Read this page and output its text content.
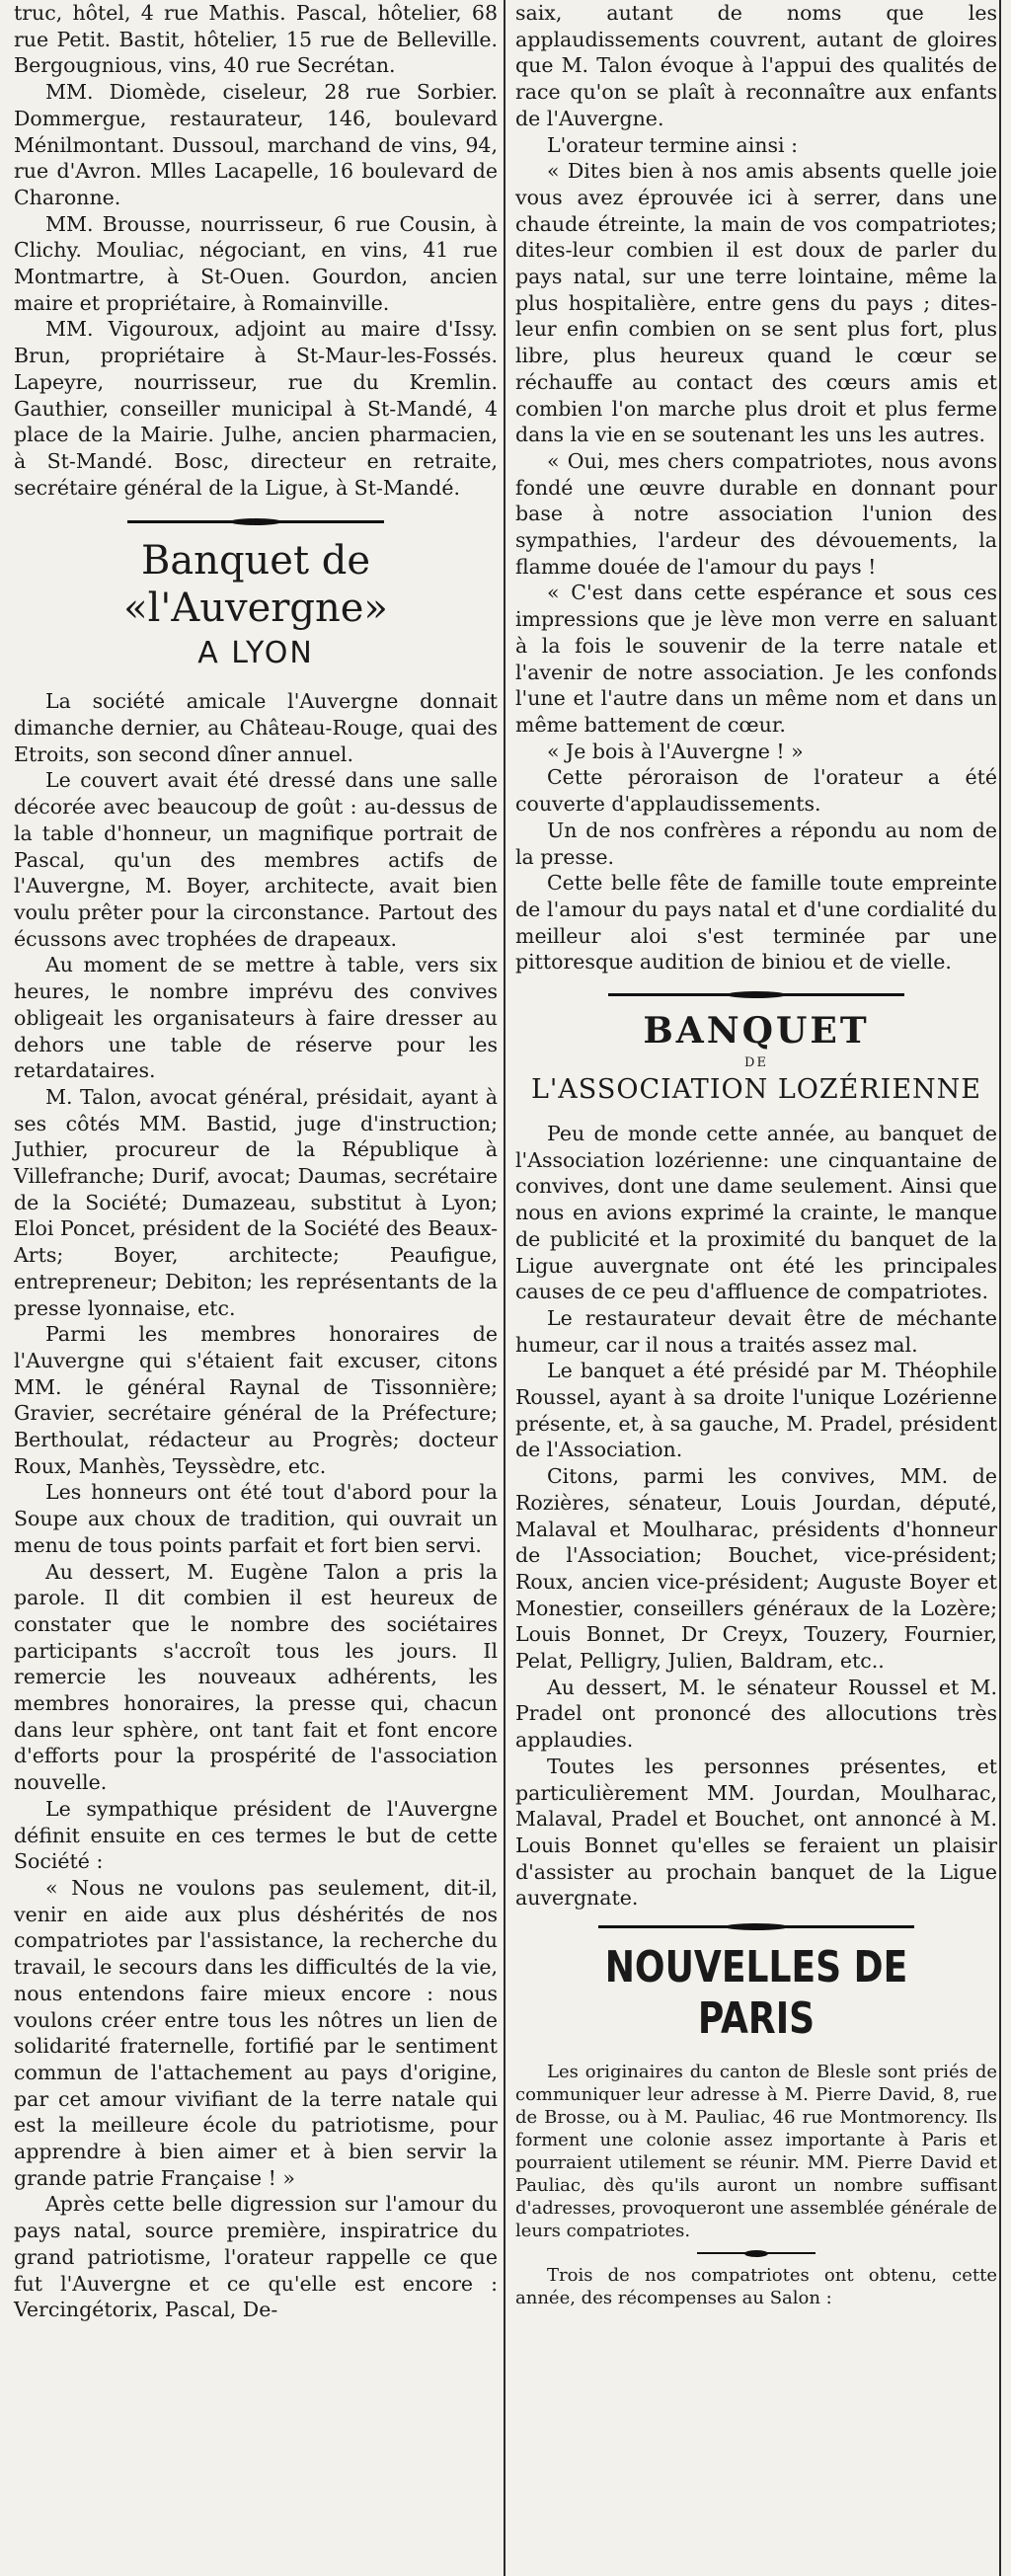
truc, hôtel, 4 rue Mathis. Pascal, hôtelier, 68 rue Petit. Bastit, hôtelier, 15 rue de Belleville. Bergougnious, vins, 40 rue Secrétan.

MM. Diomède, ciseleur, 28 rue Sorbier. Dommergue, restaurateur, 146, boulevard Ménilmontant. Dussoul, marchand de vins, 94, rue d'Avron. Mlles Lacapelle, 16 boulevard de Charonne.

MM. Brousse, nourrisseur, 6 rue Cousin, à Clichy. Mouliac, négociant, en vins, 41 rue Montmartre, à St-Ouen. Gourdon, ancien maire et propriétaire, à Romainville.

MM. Vigouroux, adjoint au maire d'Issy. Brun, propriétaire à St-Maur-les-Fossés. Lapeyre, nourrisseur, rue du Kremlin. Gauthier, conseiller municipal à St-Mandé, 4 place de la Mairie. Julhe, ancien pharmacien, à St-Mandé. Bosc, directeur en retraite, secrétaire général de la Ligue, à St-Mandé.

Banquet de «l'Auvergne»
A LYON

La société amicale l'Auvergne donnait dimanche dernier, au Château-Rouge, quai des Etroits, son second dîner annuel.

Le couvert avait été dressé dans une salle décorée avec beaucoup de goût : au-dessus de la table d'honneur, un magnifique portrait de Pascal, qu'un des membres actifs de l'Auvergne, M. Boyer, architecte, avait bien voulu prêter pour la circonstance. Partout des écussons avec trophées de drapeaux.

Au moment de se mettre à table, vers six heures, le nombre imprévu des convives obligeait les organisateurs à faire dresser au dehors une table de réserve pour les retardataires.

M. Talon, avocat général, présidait, ayant à ses côtés MM. Bastid, juge d'instruction; Juthier, procureur de la République à Villefranche; Durif, avocat; Daumas, secrétaire de la Société; Dumazeau, substitut à Lyon; Eloi Poncet, président de la Société des Beaux-Arts; Boyer, architecte; Peaufigue, entrepreneur; Debiton; les représentants de la presse lyonnaise, etc.

Parmi les membres honoraires de l'Auvergne qui s'étaient fait excuser, citons MM. le général Raynal de Tissonnière; Gravier, secrétaire général de la Préfecture; Berthoulat, rédacteur au Progrès; docteur Roux, Manhès, Teyssèdre, etc.

Les honneurs ont été tout d'abord pour la Soupe aux choux de tradition, qui ouvrait un menu de tous points parfait et fort bien servi.

Au dessert, M. Eugène Talon a pris la parole. Il dit combien il est heureux de constater que le nombre des sociétaires participants s'accroît tous les jours. Il remercie les nouveaux adhérents, les membres honoraires, la presse qui, chacun dans leur sphère, ont tant fait et font encore d'efforts pour la prospérité de l'association nouvelle.

Le sympathique président de l'Auvergne définit ensuite en ces termes le but de cette Société :

« Nous ne voulons pas seulement, dit-il, venir en aide aux plus déshérités de nos compatriotes par l'assistance, la recherche du travail, le secours dans les difficultés de la vie, nous entendons faire mieux encore : nous voulons créer entre tous les nôtres un lien de solidarité fraternelle, fortifié par le sentiment commun de l'attachement au pays d'origine, par cet amour vivifiant de la terre natale qui est la meilleure école du patriotisme, pour apprendre à bien aimer et à bien servir la grande patrie Française ! »

Après cette belle digression sur l'amour du pays natal, source première, inspiratrice du grand patriotisme, l'orateur rappelle ce que fut l'Auvergne et ce qu'elle est encore : Vercingétorix, Pascal, De-

saix, autant de noms que les applaudissements couvrent, autant de gloires que M. Talon évoque à l'appui des qualités de race qu'on se plaît à reconnaître aux enfants de l'Auvergne.

L'orateur termine ainsi :

« Dites bien à nos amis absents quelle joie vous avez éprouvée ici à serrer, dans une chaude étreinte, la main de vos compatriotes; dites-leur combien il est doux de parler du pays natal, sur une terre lointaine, même la plus hospitalière, entre gens du pays ; dites-leur enfin combien on se sent plus fort, plus libre, plus heureux quand le cœur se réchauffe au contact des cœurs amis et combien l'on marche plus droit et plus ferme dans la vie en se soutenant les uns les autres.

« Oui, mes chers compatriotes, nous avons fondé une œuvre durable en donnant pour base à notre association l'union des sympathies, l'ardeur des dévouements, la flamme douée de l'amour du pays !

« C'est dans cette espérance et sous ces impressions que je lève mon verre en saluant à la fois le souvenir de la terre natale et l'avenir de notre association. Je les confonds l'une et l'autre dans un même nom et dans un même battement de cœur.

« Je bois à l'Auvergne ! »

Cette péroraison de l'orateur a été couverte d'applaudissements.

Un de nos confrères a répondu au nom de la presse.

Cette belle fête de famille toute empreinte de l'amour du pays natal et d'une cordialité du meilleur aloi s'est terminée par une pittoresque audition de biniou et de vielle.

BANQUET
DE
L'ASSOCIATION LOZÉRIENNE

Peu de monde cette année, au banquet de l'Association lozérienne: une cinquantaine de convives, dont une dame seulement. Ainsi que nous en avions exprimé la crainte, le manque de publicité et la proximité du banquet de la Ligue auvergnate ont été les principales causes de ce peu d'affluence de compatriotes.

Le restaurateur devait être de méchante humeur, car il nous a traités assez mal.

Le banquet a été présidé par M. Théophile Roussel, ayant à sa droite l'unique Lozérienne présente, et, à sa gauche, M. Pradel, président de l'Association.

Citons, parmi les convives, MM. de Rozières, sénateur, Louis Jourdan, député, Malaval et Moulharac, présidents d'honneur de l'Association; Bouchet, vice-président; Roux, ancien vice-président; Auguste Boyer et Monestier, conseillers généraux de la Lozère; Louis Bonnet, Dr Creyx, Touzery, Fournier, Pelat, Pelligry, Julien, Baldram, etc..

Au dessert, M. le sénateur Roussel et M. Pradel ont prononcé des allocutions très applaudies.

Toutes les personnes présentes, et particulièrement MM. Jourdan, Moulharac, Malaval, Pradel et Bouchet, ont annoncé à M. Louis Bonnet qu'elles se feraient un plaisir d'assister au prochain banquet de la Ligue auvergnate.

NOUVELLES DE PARIS

Les originaires du canton de Blesle sont priés de communiquer leur adresse à M. Pierre David, 8, rue de Brosse, ou à M. Pauliac, 46 rue Montmorency. Ils forment une colonie assez importante à Paris et pourraient utilement se réunir. MM. Pierre David et Pauliac, dès qu'ils auront un nombre suffisant d'adresses, provoqueront une assemblée générale de leurs compatriotes.

Trois de nos compatriotes ont obtenu, cette année, des récompenses au Salon :
